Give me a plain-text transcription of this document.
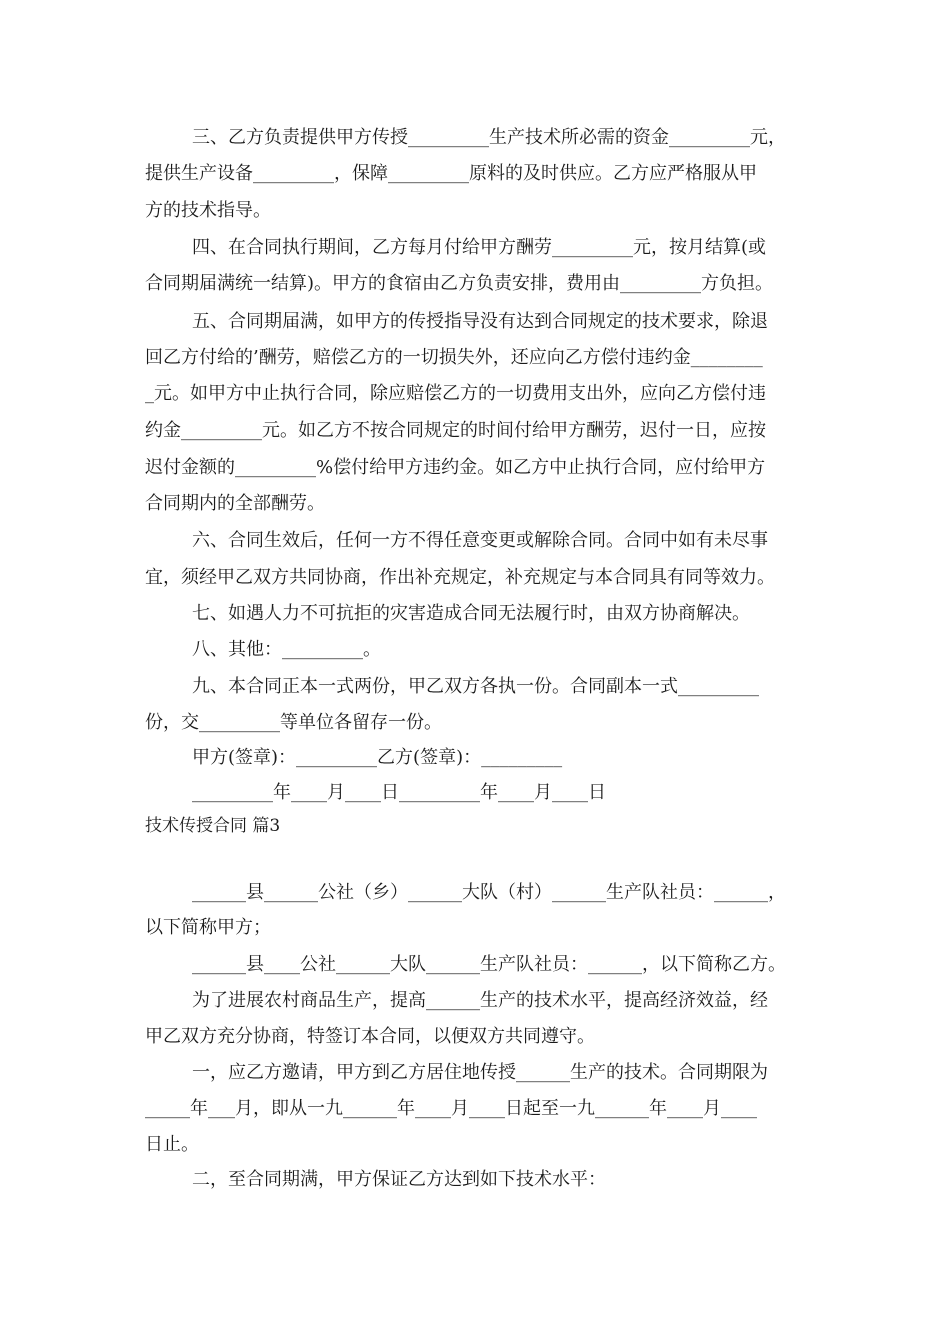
三、乙方负责提供甲方传授_________生产技术所必需的资金_________元，
提供生产设备_________，保障_________原料的及时供应。乙方应严格服从甲
方的技术指导。
四、在合同执行期间，乙方每月付给甲方酬劳_________元，按月结算(或
合同期届满统一结算)。甲方的食宿由乙方负责安排，费用由_________方负担。
五、合同期届满，如甲方的传授指导没有达到合同规定的技术要求，除退
回乙方付给的’酬劳，赔偿乙方的一切损失外，还应向乙方偿付违约金________
_元。如甲方中止执行合同，除应赔偿乙方的一切费用支出外，应向乙方偿付违
约金_________元。如乙方不按合同规定的时间付给甲方酬劳，迟付一日，应按
迟付金额的_________%偿付给甲方违约金。如乙方中止执行合同，应付给甲方
合同期内的全部酬劳。
六、合同生效后，任何一方不得任意变更或解除合同。合同中如有未尽事
宜，须经甲乙双方共同协商，作出补充规定，补充规定与本合同具有同等效力。
七、如遇人力不可抗拒的灾害造成合同无法履行时，由双方协商解决。
八、其他：_________。
九、本合同正本一式两份，甲乙双方各执一份。合同副本一式_________
份，交_________等单位各留存一份。
甲方(签章)：_________乙方(签章)：_________
_________年____月____日_________年____月____日
技术传授合同 篇3
______县______公社（乡）______大队（村）______生产队社员：______，
以下简称甲方；
______县____公社______大队______生产队社员：______，以下简称乙方。
为了进展农村商品生产，提高______生产的技术水平，提高经济效益，经
甲乙双方充分协商，特签订本合同，以便双方共同遵守。
一，应乙方邀请，甲方到乙方居住地传授______生产的技术。合同期限为
_____年___月，即从一九______年____月____日起至一九______年____月____
日止。
二，至合同期满，甲方保证乙方达到如下技术水平：
